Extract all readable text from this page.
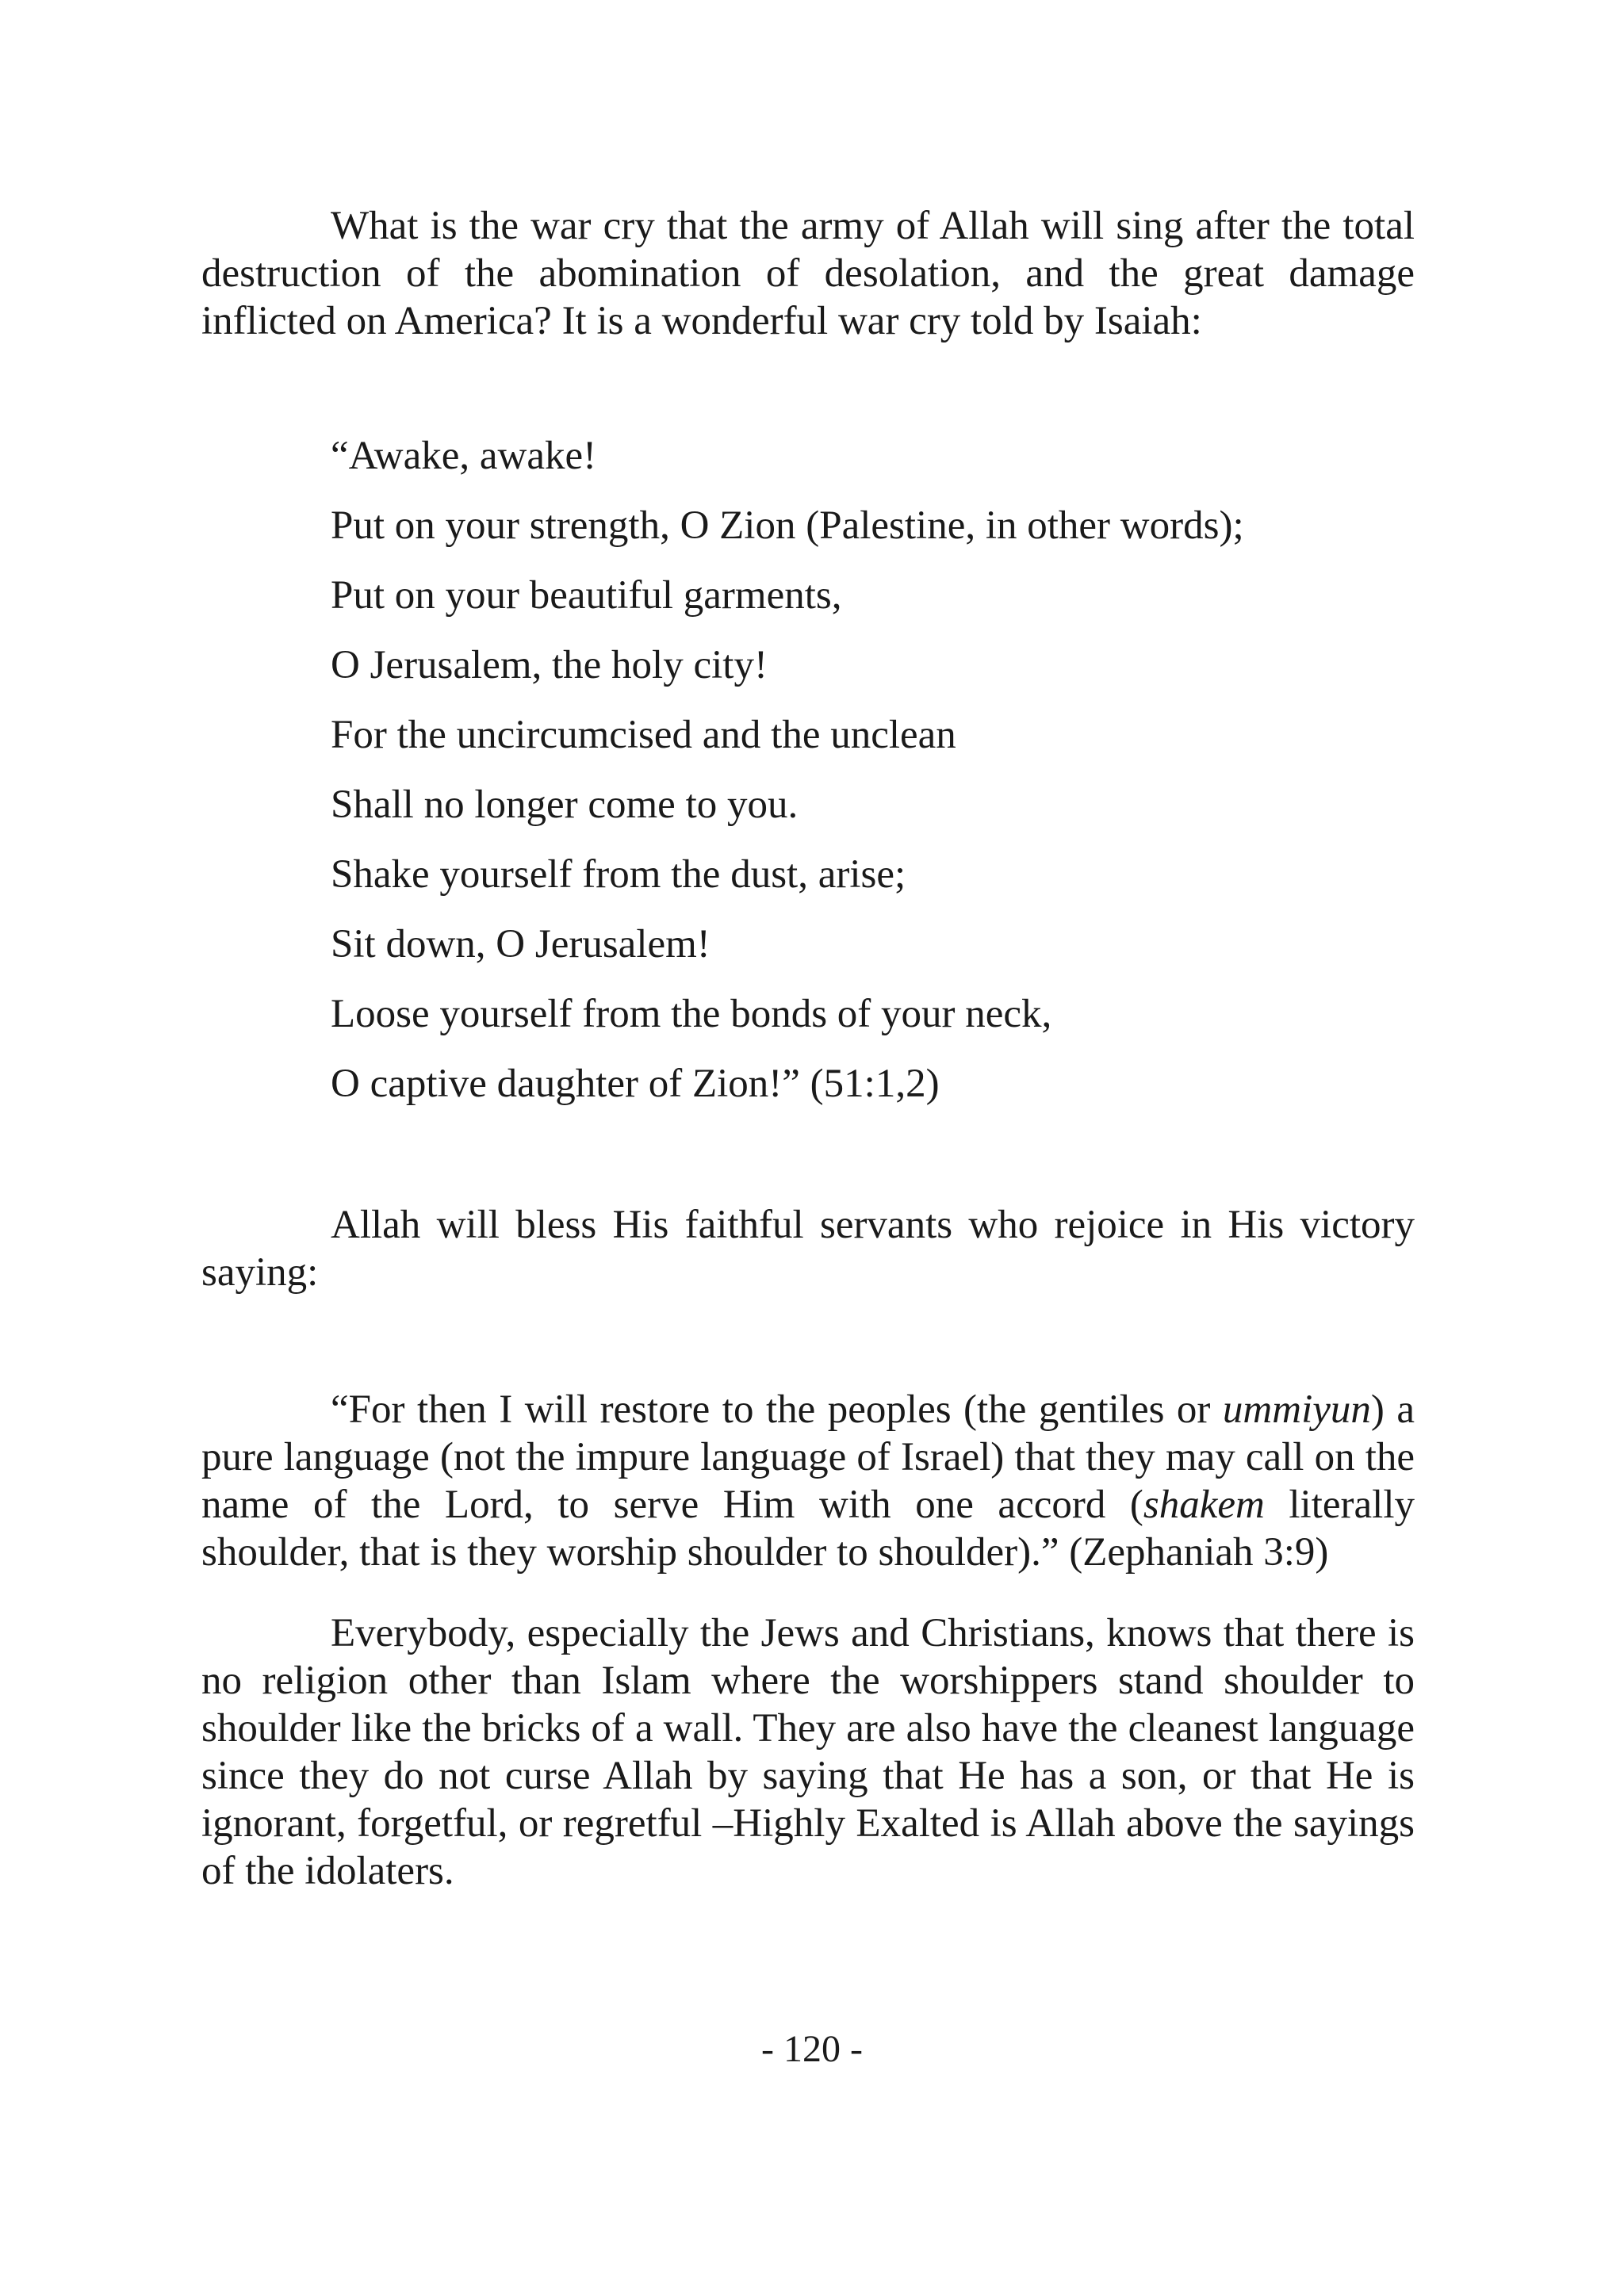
What is the war cry that the army of Allah will sing after the total destruction of the abomination of desolation, and the great damage inflicted on America? It is a wonderful war cry told by Isaiah:

“Awake, awake!
Put on your strength, O Zion (Palestine, in other words);
Put on your beautiful garments,
O Jerusalem, the holy city!
For the uncircumcised and the unclean
Shall no longer come to you.
Shake yourself from the dust, arise;
Sit down, O Jerusalem!
Loose yourself from the bonds of your neck,
O captive daughter of Zion!” (51:1,2)

Allah will bless His faithful servants who rejoice in His victory saying:

“For then I will restore to the peoples (the gentiles or ummiyun) a pure language (not the impure language of Israel) that they may call on the name of the Lord, to serve Him with one accord (shakem literally shoulder, that is they worship shoulder to shoulder).” (Zephaniah 3:9)

Everybody, especially the Jews and Christians, knows that there is no religion other than Islam where the worshippers stand shoulder to shoulder like the bricks of a wall. They are also have the cleanest language since they do not curse Allah by saying that He has a son, or that He is ignorant, forgetful, or regretful –Highly Exalted is Allah above the sayings of the idolaters.

- 120 -
